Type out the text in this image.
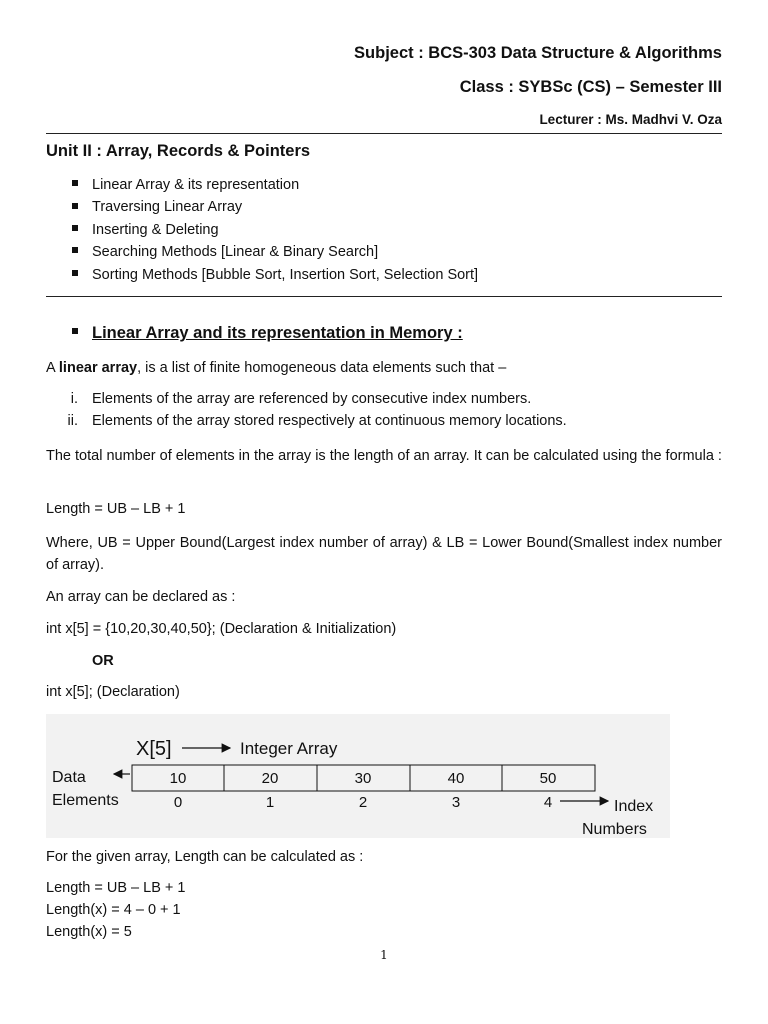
Subject : BCS-303 Data Structure & Algorithms
Class : SYBSc (CS) – Semester III
Lecturer : Ms. Madhvi V. Oza
Unit II : Array, Records & Pointers
Linear Array & its representation
Traversing Linear Array
Inserting & Deleting
Searching Methods [Linear & Binary Search]
Sorting Methods [Bubble Sort, Insertion Sort, Selection Sort]
Linear Array and its representation in Memory :
A linear array, is a list of finite homogeneous data elements such that –
i. Elements of the array are referenced by consecutive index numbers.
ii. Elements of the array stored respectively at continuous memory locations.
The total number of elements in the array is the length of an array. It can be calculated using the formula :
Length = UB – LB + 1
Where, UB = Upper Bound(Largest index number of array) & LB = Lower Bound(Smallest index number of array).
An array can be declared as :
int x[5] = {10,20,30,40,50}; (Declaration & Initialization)
OR
int x[5]; (Declaration)
X[5]	Integer Array
Data
Elements
10	20	30	40	50
0	1	2	3	4	Index
Numbers
For the given array, Length can be calculated as :
Length = UB – LB + 1
Length(x) = 4 – 0 + 1
Length(x) = 5
1
